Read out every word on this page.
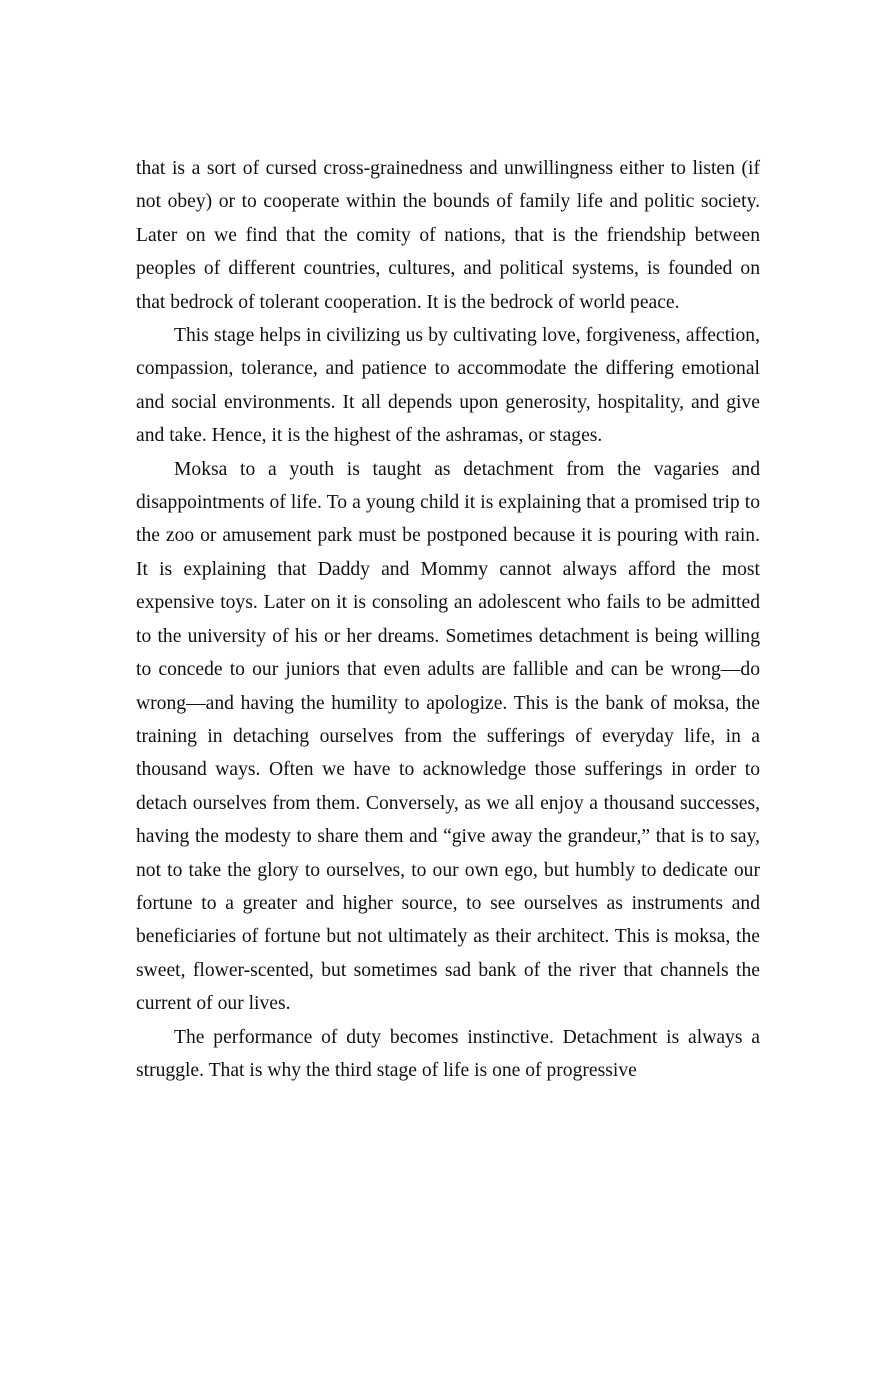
that is a sort of cursed cross-grainedness and unwillingness either to listen (if not obey) or to cooperate within the bounds of family life and politic society. Later on we find that the comity of nations, that is the friendship between peoples of different countries, cultures, and political systems, is founded on that bedrock of tolerant cooperation. It is the bedrock of world peace.

This stage helps in civilizing us by cultivating love, forgiveness, affection, compassion, tolerance, and patience to accommodate the differing emotional and social environments. It all depends upon generosity, hospitality, and give and take. Hence, it is the highest of the ashramas, or stages.

Moksa to a youth is taught as detachment from the vagaries and disappointments of life. To a young child it is explaining that a promised trip to the zoo or amusement park must be postponed because it is pouring with rain. It is explaining that Daddy and Mommy cannot always afford the most expensive toys. Later on it is consoling an adolescent who fails to be admitted to the university of his or her dreams. Sometimes detachment is being willing to concede to our juniors that even adults are fallible and can be wrong—do wrong—and having the humility to apologize. This is the bank of moksa, the training in detaching ourselves from the sufferings of everyday life, in a thousand ways. Often we have to acknowledge those sufferings in order to detach ourselves from them. Conversely, as we all enjoy a thousand successes, having the modesty to share them and “give away the grandeur,” that is to say, not to take the glory to ourselves, to our own ego, but humbly to dedicate our fortune to a greater and higher source, to see ourselves as instruments and beneficiaries of fortune but not ultimately as their architect. This is moksa, the sweet, flower-scented, but sometimes sad bank of the river that channels the current of our lives.

The performance of duty becomes instinctive. Detachment is always a struggle. That is why the third stage of life is one of progressive
